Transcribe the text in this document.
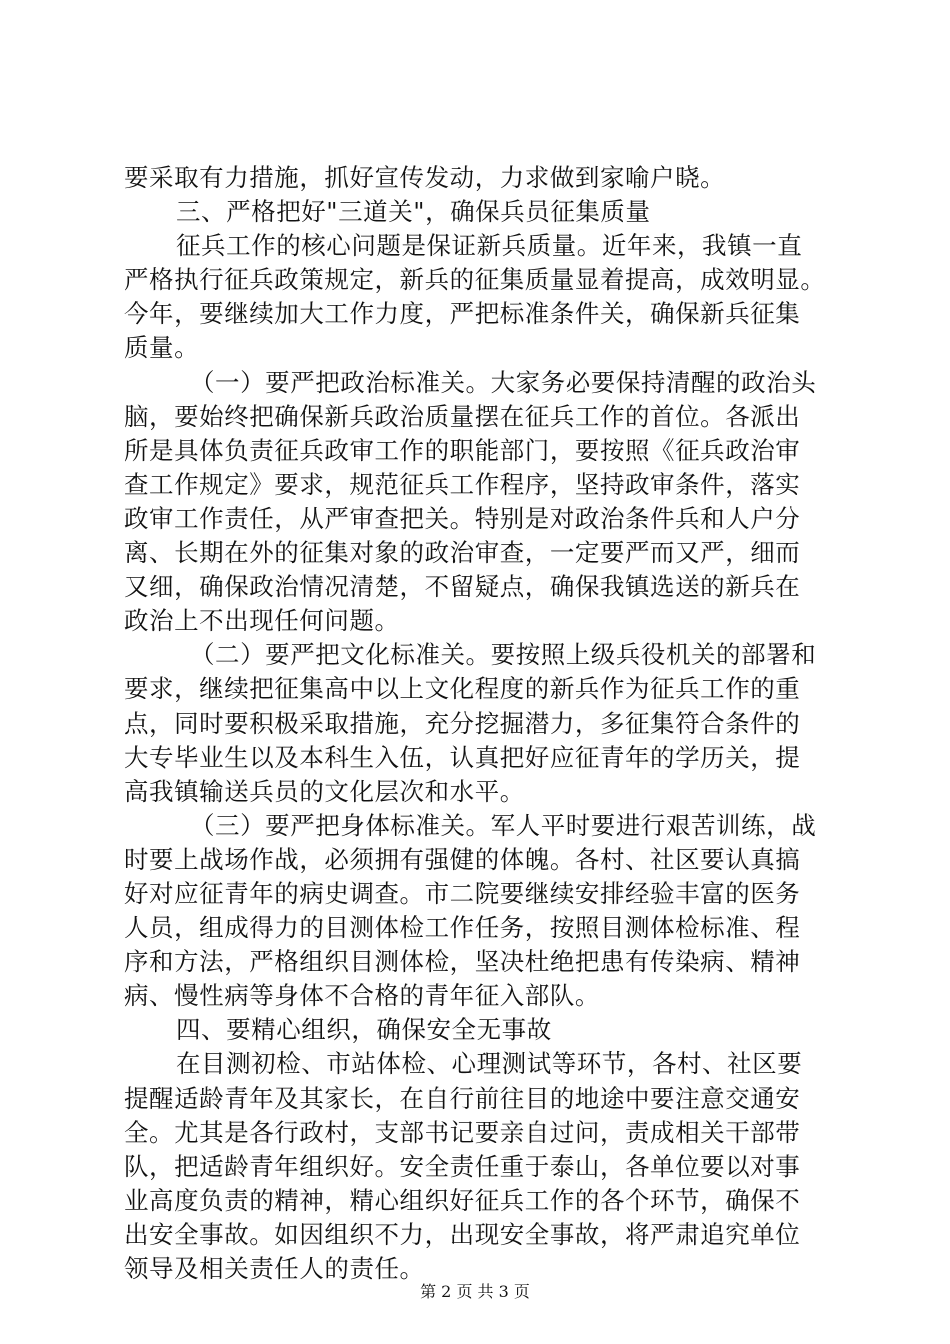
要采取有力措施，抓好宣传发动，力求做到家喻户晓。
三、严格把好"三道关"，确保兵员征集质量
征兵工作的核心问题是保证新兵质量。近年来，我镇一直
严格执行征兵政策规定，新兵的征集质量显着提高，成效明显。
今年，要继续加大工作力度，严把标准条件关，确保新兵征集
质量。
（一）要严把政治标准关。大家务必要保持清醒的政治头
脑，要始终把确保新兵政治质量摆在征兵工作的首位。各派出
所是具体负责征兵政审工作的职能部门，要按照《征兵政治审
查工作规定》要求，规范征兵工作程序，坚持政审条件，落实
政审工作责任，从严审查把关。特别是对政治条件兵和人户分
离、长期在外的征集对象的政治审查，一定要严而又严，细而
又细，确保政治情况清楚，不留疑点，确保我镇选送的新兵在
政治上不出现任何问题。
（二）要严把文化标准关。要按照上级兵役机关的部署和
要求，继续把征集高中以上文化程度的新兵作为征兵工作的重
点，同时要积极采取措施，充分挖掘潜力，多征集符合条件的
大专毕业生以及本科生入伍，认真把好应征青年的学历关，提
高我镇输送兵员的文化层次和水平。
（三）要严把身体标准关。军人平时要进行艰苦训练，战
时要上战场作战，必须拥有强健的体魄。各村、社区要认真搞
好对应征青年的病史调查。市二院要继续安排经验丰富的医务
人员，组成得力的目测体检工作任务，按照目测体检标准、程
序和方法，严格组织目测体检，坚决杜绝把患有传染病、精神
病、慢性病等身体不合格的青年征入部队。
四、要精心组织，确保安全无事故
在目测初检、市站体检、心理测试等环节，各村、社区要
提醒适龄青年及其家长，在自行前往目的地途中要注意交通安
全。尤其是各行政村，支部书记要亲自过问，责成相关干部带
队，把适龄青年组织好。安全责任重于泰山，各单位要以对事
业高度负责的精神，精心组织好征兵工作的各个环节，确保不
出安全事故。如因组织不力，出现安全事故，将严肃追究单位
领导及相关责任人的责任。
第 2 页 共 3 页
